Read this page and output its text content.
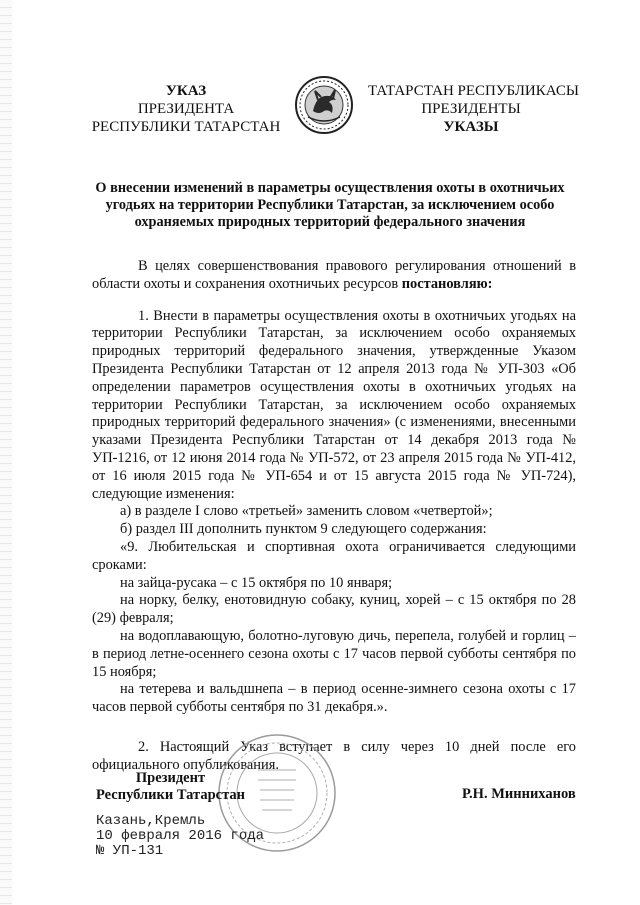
УКАЗ
ПРЕЗИДЕНТА
РЕСПУБЛИКИ ТАТАРСТАН
ТАТАРСТАН РЕСПУБЛИКАСЫ
ПРЕЗИДЕНТЫ
УКАЗЫ
О внесении изменений в параметры осуществления охоты в охотничьих
угодьях на территории Республики Татарстан, за исключением особо
охраняемых природных территорий федерального значения

В целях совершенствования правового регулирования отношений в области охоты и сохранения охотничьих ресурсов постановляю:

1. Внести в параметры осуществления охоты в охотничьих угодьях на территории Республики Татарстан, за исключением особо охраняемых природных территорий федерального значения, утвержденные Указом Президента Республики Татарстан от 12 апреля 2013 года № УП-303 «Об определении параметров осуществления охоты в охотничьих угодьях на территории Республики Татарстан, за исключением особо охраняемых природных территорий федерального значения» (с изменениями, внесенными указами Президента Республики Татарстан от 14 декабря 2013 года № УП-1216, от 12 июня 2014 года № УП-572, от 23 апреля 2015 года № УП-412, от 16 июля 2015 года № УП-654 и от 15 августа 2015 года № УП-724), следующие изменения:

а) в разделе I слово «третьей» заменить словом «четвертой»;

б) раздел III дополнить пунктом 9 следующего содержания:

«9. Любительская и спортивная охота ограничивается следующими сроками:

на зайца-русака – с 15 октября по 10 января;

на норку, белку, енотовидную собаку, куниц, хорей – с 15 октября по 28 (29) февраля;

на водоплавающую, болотно-луговую дичь, перепела, голубей и горлиц – в период летне-осеннего сезона охоты с 17 часов первой субботы сентября по 15 ноября;

на тетерева и вальдшнепа – в период осенне-зимнего сезона охоты с 17 часов первой субботы сентября по 31 декабря.».

2. Настоящий Указ вступает в силу через 10 дней после его официального опубликования.

Президент
Республики Татарстан	Р.Н. Минниханов
Казань,Кремль
10 февраля 2016 года
№ УП-131
